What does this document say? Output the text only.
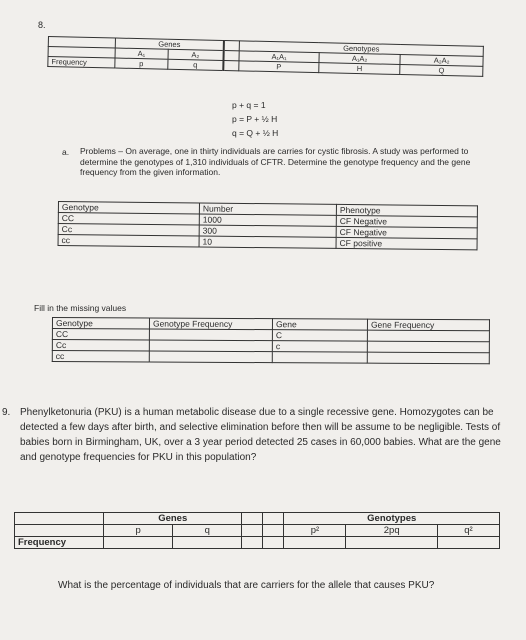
8.
	Genes			Genotypes		
	A₁	A₂		A₁A₁	A₁A₂	A₂A₂
Frequency	p	q		P	H	Q
p + q = 1
p = P + ½ H
q = Q + ½ H
a. Problems – On average, one in thirty individuals are carries for cystic fibrosis. A study was performed to determine the genotypes of 1,310 individuals of CFTR. Determine the genotype frequency and the gene frequency from the given information.
Genotype	Number	Phenotype
CC	1000	CF Negative
Cc	300	CF Negative
cc	10	CF positive
Fill in the missing values
Genotype	Genotype Frequency	Gene	Gene Frequency
CC		C	
Cc		c	
cc			
9. Phenylketonuria (PKU) is a human metabolic disease due to a single recessive gene. Homozygotes can be detected a few days after birth, and selective elimination before then will be assume to be negligible. Tests of babies born in Birmingham, UK, over a 3 year period detected 25 cases in 60,000 babies. What are the gene and genotype frequencies for PKU in this population?
	Genes				Genotypes		
	p	q			p²	2pq	q²
Frequency							
What is the percentage of individuals that are carriers for the allele that causes PKU?
